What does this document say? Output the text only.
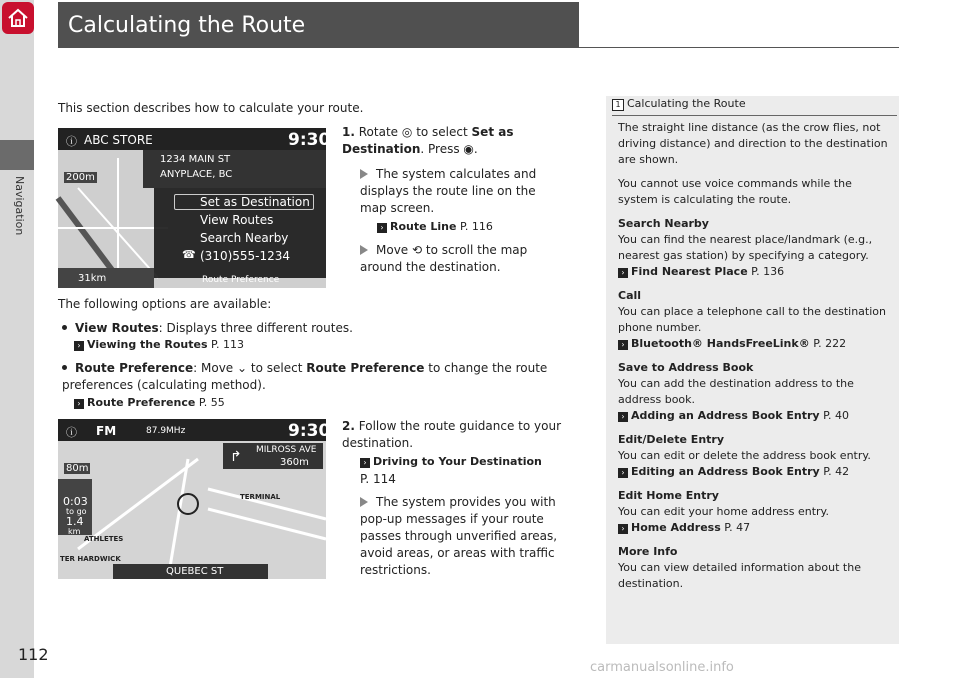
Navigation
Calculating the Route
This section describes how to calculate your route.
ⓘ ABC STORE	9:30
1234 MAIN ST
ANYPLACE, BC
200m
Set as Destination
View Routes
Search Nearby
☎ (310)555-1234
31km	Route Preference
1. Rotate ◎ to select Set as Destination. Press ◉.
The system calculates and displays the route line on the map screen.
› Route Line P. 116
Move ⟲ to scroll the map around the destination.
The following options are available:
View Routes: Displays three different routes.
› Viewing the Routes P. 113
Route Preference: Move ⌄ to select Route Preference to change the route preferences (calculating method).
› Route Preference P. 55
ⓘ FM	87.9MHz	9:30
↱ MILROSS AVE
360m
80m
0:03
to go
1.4
km
ATHLETES
TER HARDWICK
TERMINAL
QUEBEC ST
2. Follow the route guidance to your destination.
› Driving to Your Destination
P. 114
The system provides you with pop-up messages if your route passes through unverified areas, avoid areas, or areas with traffic restrictions.
1 Calculating the Route
The straight line distance (as the crow flies, not driving distance) and direction to the destination are shown.
You cannot use voice commands while the system is calculating the route.
Search Nearby
You can find the nearest place/landmark (e.g., nearest gas station) by specifying a category.
› Find Nearest Place P. 136
Call
You can place a telephone call to the destination phone number.
› Bluetooth® HandsFreeLink® P. 222
Save to Address Book
You can add the destination address to the address book.
› Adding an Address Book Entry P. 40
Edit/Delete Entry
You can edit or delete the address book entry.
› Editing an Address Book Entry P. 42
Edit Home Entry
You can edit your home address entry.
› Home Address P. 47
More Info
You can view detailed information about the destination.
112
carmanualsonline.info
